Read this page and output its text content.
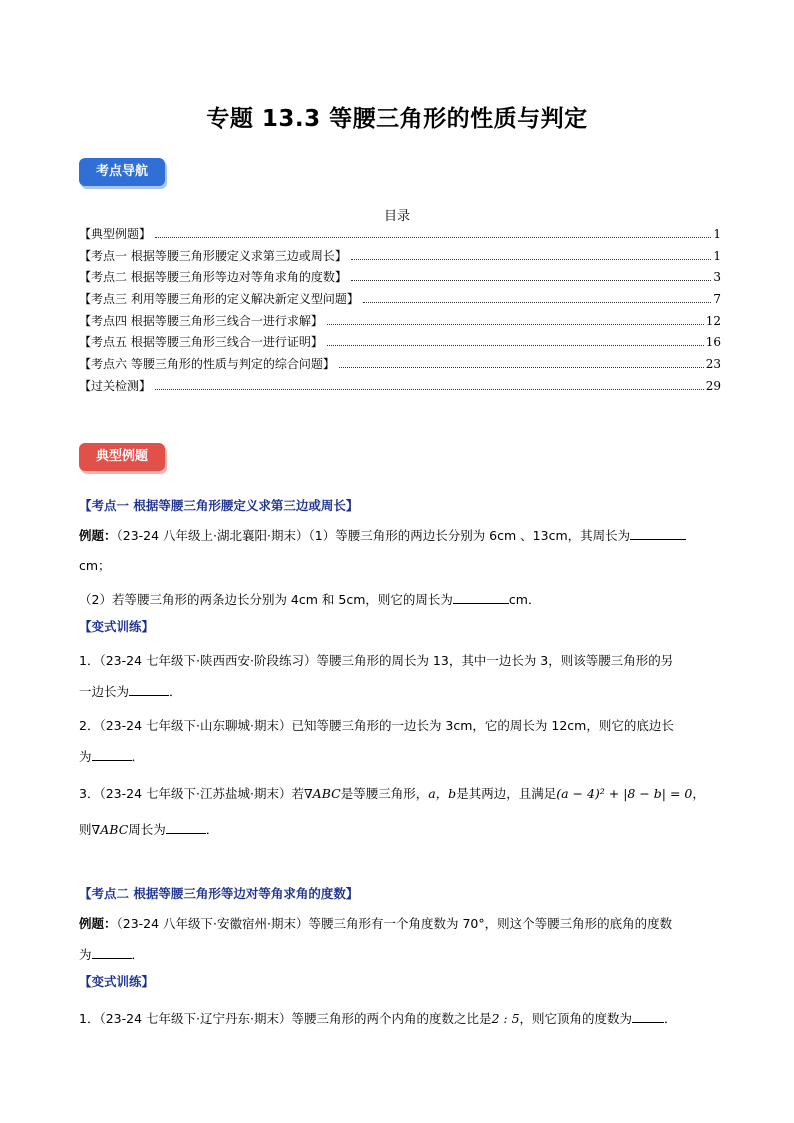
专题 13.3 等腰三角形的性质与判定
考点导航
目录
【典型例题】	1
【考点一 根据等腰三角形腰定义求第三边或周长】	1
【考点二 根据等腰三角形等边对等角求角的度数】	3
【考点三 利用等腰三角形的定义解决新定义型问题】	7
【考点四 根据等腰三角形三线合一进行求解】	12
【考点五 根据等腰三角形三线合一进行证明】	16
【考点六 等腰三角形的性质与判定的综合问题】	23
【过关检测】	29
典型例题
【考点一 根据等腰三角形腰定义求第三边或周长】
例题：（23-24 八年级上·湖北襄阳·期末）（1）等腰三角形的两边长分别为 6cm 、13cm，其周长为
cm；
（2）若等腰三角形的两条边长分别为 4cm 和 5cm，则它的周长为	cm．
【变式训练】
1．（23-24 七年级下·陕西西安·阶段练习）等腰三角形的周长为 13，其中一边长为 3，则该等腰三角形的另
一边长为	．
2．（23-24 七年级下·山东聊城·期末）已知等腰三角形的一边长为 3cm，它的周长为 12cm，则它的底边长
为	．
3．（23-24 七年级下·江苏盐城·期末）若∇ABC是等腰三角形，a，b是其两边，且满足(a − 4)² + |8 − b| = 0，
则∇ABC周长为	．
【考点二 根据等腰三角形等边对等角求角的度数】
例题：（23-24 八年级下·安徽宿州·期末）等腰三角形有一个角度数为 70°，则这个等腰三角形的底角的度数
为	．
【变式训练】
1．（23-24 七年级下·辽宁丹东·期末）等腰三角形的两个内角的度数之比是2 : 5，则它顶角的度数为	．
